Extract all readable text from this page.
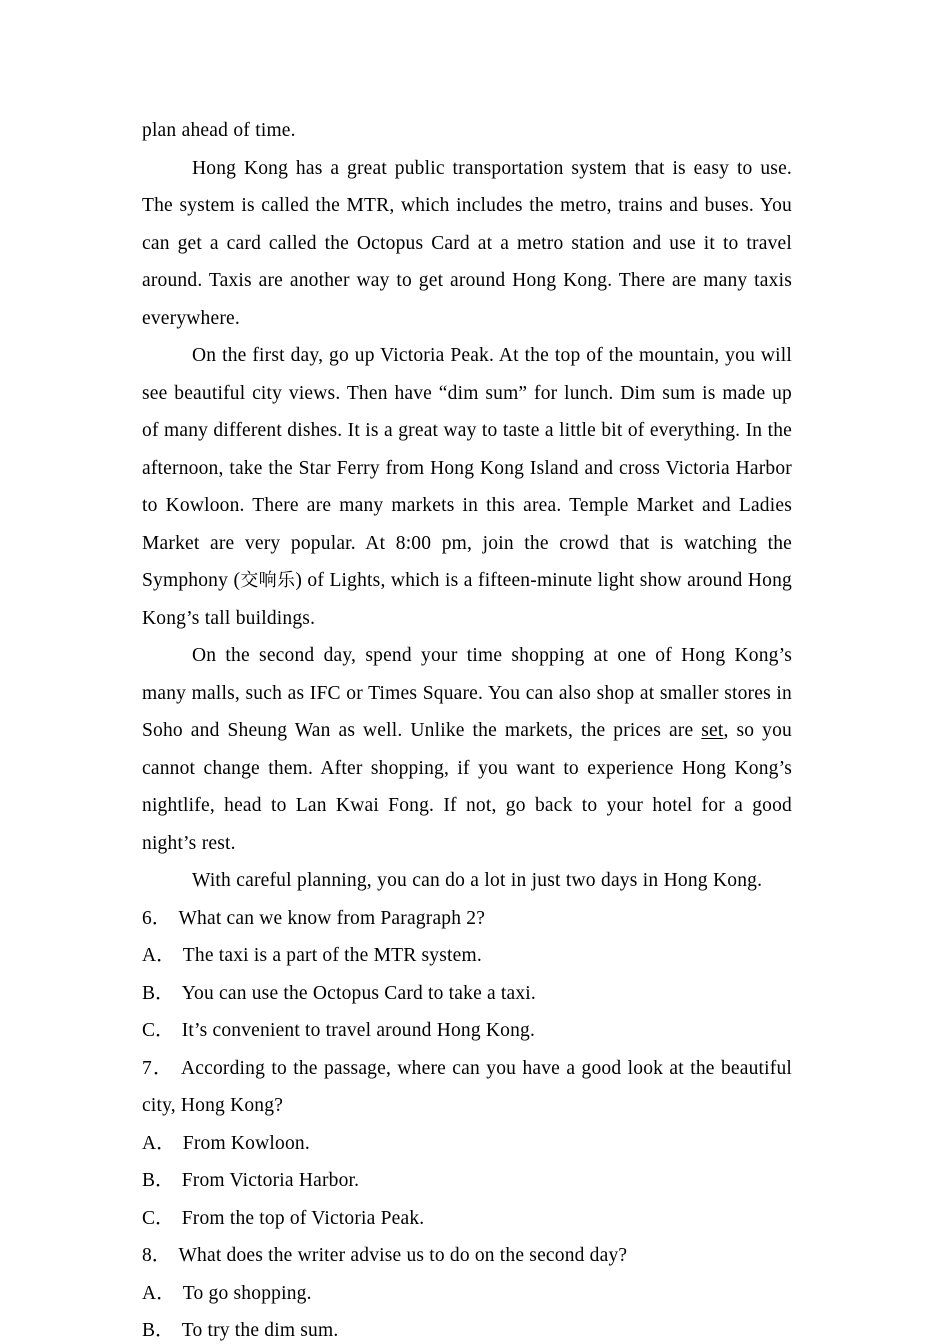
plan ahead of time.

Hong Kong has a great public transportation system that is easy to use. The system is called the MTR, which includes the metro, trains and buses. You can get a card called the Octopus Card at a metro station and use it to travel around. Taxis are another way to get around Hong Kong. There are many taxis everywhere.

On the first day, go up Victoria Peak. At the top of the mountain, you will see beautiful city views. Then have “dim sum” for lunch. Dim sum is made up of many different dishes. It is a great way to taste a little bit of everything. In the afternoon, take the Star Ferry from Hong Kong Island and cross Victoria Harbor to Kowloon. There are many markets in this area. Temple Market and Ladies Market are very popular. At 8:00 pm, join the crowd that is watching the Symphony (交响乐) of Lights, which is a fifteen-minute light show around Hong Kong’s tall buildings.

On the second day, spend your time shopping at one of Hong Kong’s many malls, such as IFC or Times Square. You can also shop at smaller stores in Soho and Sheung Wan as well. Unlike the markets, the prices are set, so you cannot change them. After shopping, if you want to experience Hong Kong’s nightlife, head to Lan Kwai Fong. If not, go back to your hotel for a good night’s rest.

With careful planning, you can do a lot in just two days in Hong Kong.

6． What can we know from Paragraph 2?

A． The taxi is a part of the MTR system.

B． You can use the Octopus Card to take a taxi.

C． It’s convenient to travel around Hong Kong.

7． According to the passage, where can you have a good look at the beautiful city, Hong Kong?

A． From Kowloon.

B． From Victoria Harbor.

C． From the top of Victoria Peak.

8． What does the writer advise us to do on the second day?

A． To go shopping.

B． To try the dim sum.
